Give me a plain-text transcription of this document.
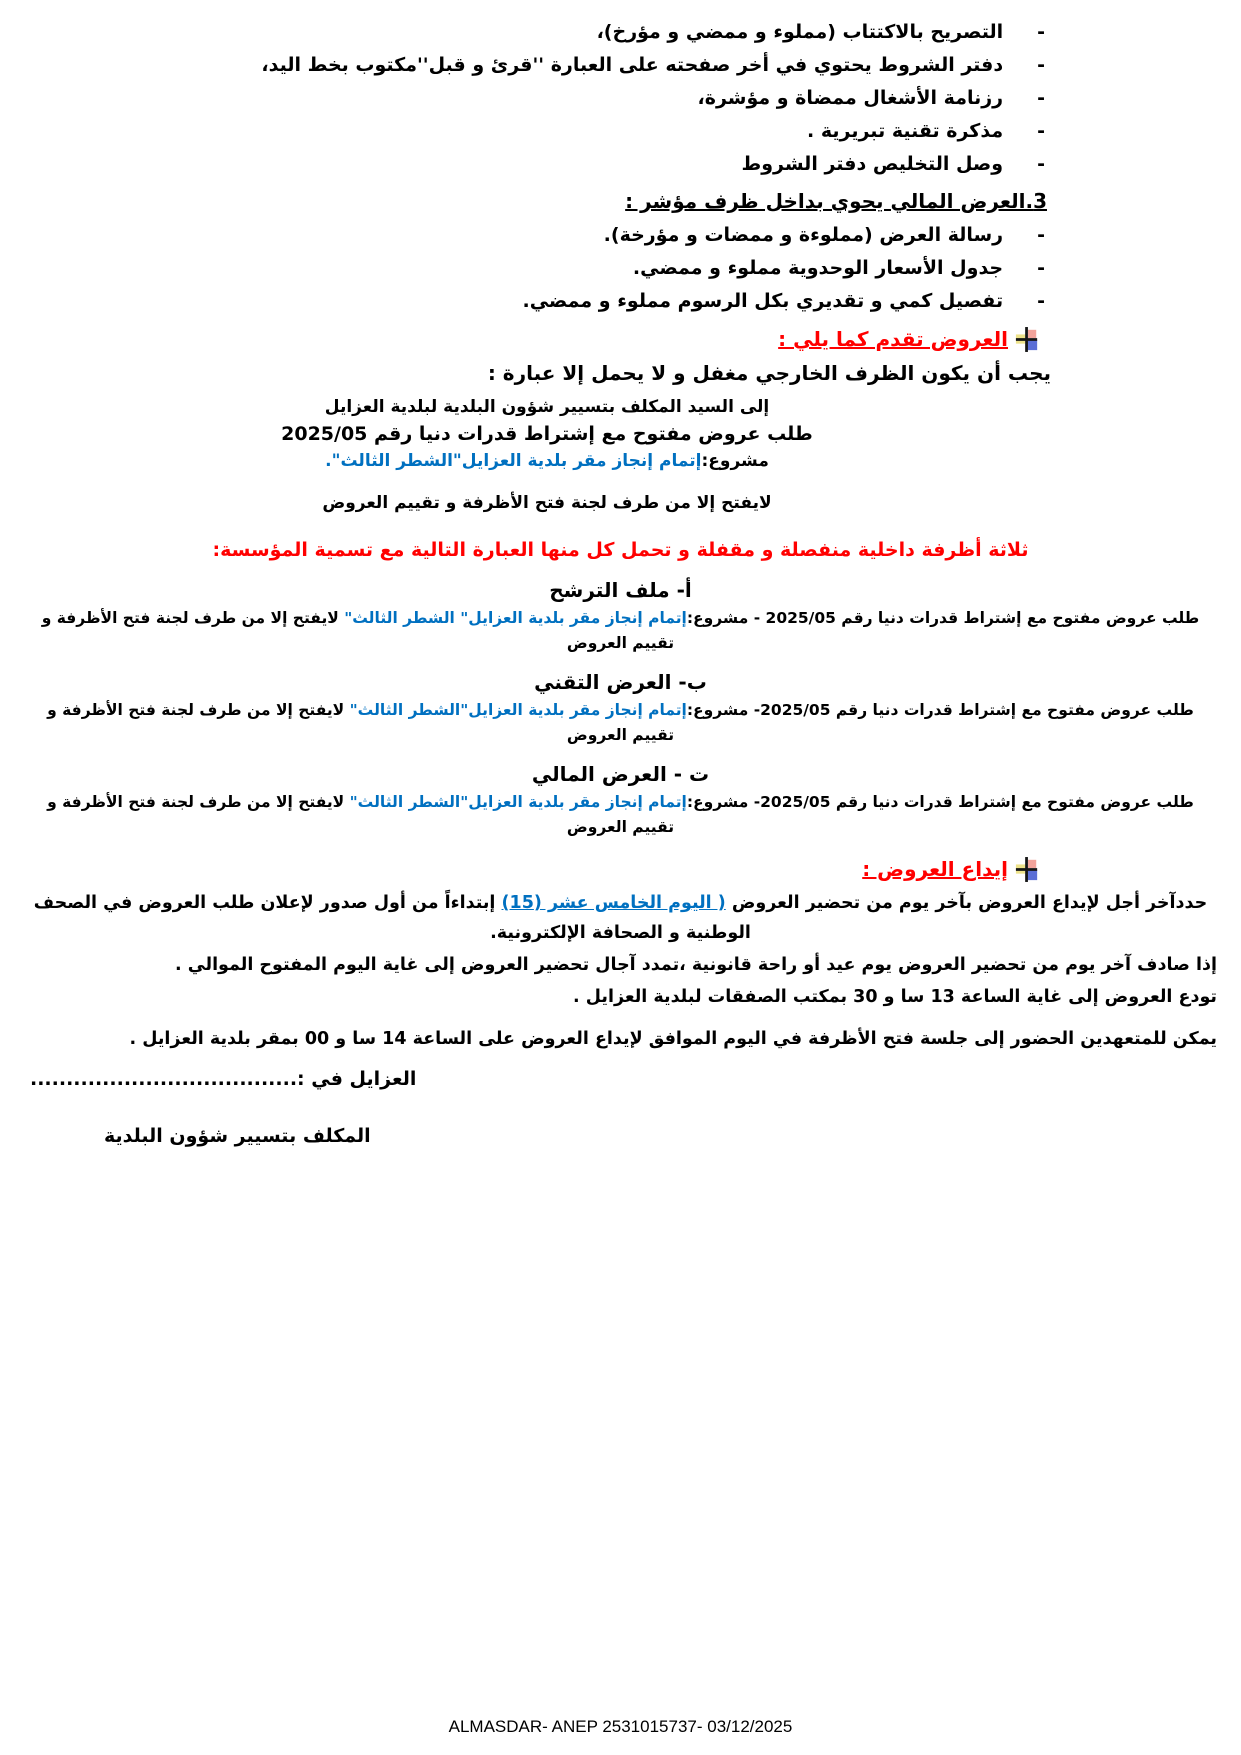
-
التصريح بالاكتتاب (مملوء و ممضي و مؤرخ)،
-
دفتر الشروط يحتوي في أخر صفحته على العبارة ''قرئ و قبل''مكتوب بخط اليد،
-
رزنامة الأشغال ممضاة و مؤشرة،
-
مذكرة تقنية تبريرية .
-
وصل التخليص دفتر الشروط
3.العرض المالي يحوي بداخل ظرف مؤشر :
-
رسالة العرض (مملوءة و ممضات و مؤرخة).
-
جدول الأسعار الوحدوية مملوء و ممضي.
-
تفصيل كمي و تقديري بكل الرسوم مملوء و ممضي.
العروض تقدم كما يلي :

يجب أن يكون الظرف الخارجي مغفل و لا يحمل إلا عبارة :

إلى السيد المكلف بتسيير شؤون البلدية لبلدية العزايل
طلب عروض مفتوح مع إشتراط قدرات دنيا رقم 2025/05
مشروع:إتمام إنجاز مقر بلدية العزايل"الشطر الثالث".
لايفتح إلا من طرف لجنة فتح الأظرفة و تقييم العروض

ثلاثة أظرفة داخلية منفصلة و مقفلة و تحمل كل منها العبارة التالية مع تسمية المؤسسة:

أ- ملف الترشح

طلب عروض مفتوح مع إشتراط قدرات دنيا رقم 2025/05 - مشروع:إتمام إنجاز مقر بلدية العزايل" الشطر الثالث" لايفتح إلا من طرف لجنة فتح الأظرفة و تقييم العروض

ب- العرض التقني

طلب عروض مفتوح مع إشتراط قدرات دنيا رقم 2025/05- مشروع:إتمام إنجاز مقر بلدية العزايل"الشطر الثالث" لايفتح إلا من طرف لجنة فتح الأظرفة و تقييم العروض

ت - العرض المالي

طلب عروض مفتوح مع إشتراط قدرات دنيا رقم 2025/05- مشروع:إتمام إنجاز مقر بلدية العزايل"الشطر الثالث" لايفتح إلا من طرف لجنة فتح الأظرفة و تقييم العروض

إيداع العروض :

حددآخر أجل لإيداع العروض بآخر يوم من تحضير العروض ( اليوم الخامس عشر (15) إبتداءاً من أول صدور لإعلان طلب العروض في الصحف الوطنية و الصحافة الإلكترونية.

إذا صادف آخر يوم من تحضير العروض يوم عيد أو راحة قانونية ،تمدد آجال تحضير العروض إلى غاية اليوم المفتوح الموالي .

تودع العروض إلى غاية الساعة 13 سا و 30 بمكتب الصفقات لبلدية العزايل .

يمكن للمتعهدين الحضور إلى جلسة فتح الأظرفة في اليوم الموافق لإيداع العروض على الساعة 14 سا و 00 بمقر بلدية العزايل .

العزايل في :.....................................
المكلف بتسيير شؤون البلدية
ALMASDAR- ANEP 2531015737- 03/12/2025
